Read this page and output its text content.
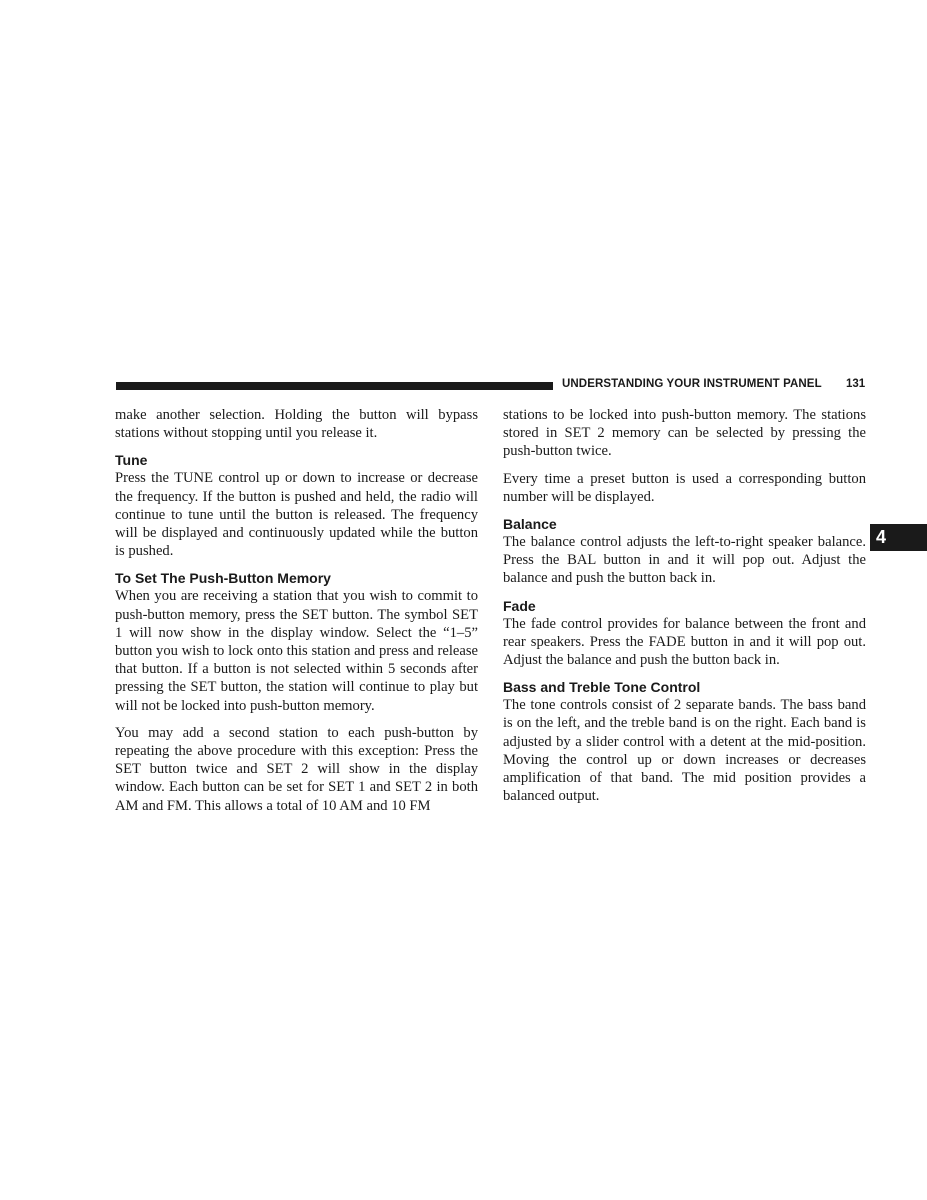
UNDERSTANDING YOUR INSTRUMENT PANEL 131
4

make another selection. Holding the button will bypass stations without stopping until you release it.

Tune

Press the TUNE control up or down to increase or decrease the frequency. If the button is pushed and held, the radio will continue to tune until the button is released. The frequency will be displayed and continuously updated while the button is pushed.

To Set The Push-Button Memory

When you are receiving a station that you wish to commit to push-button memory, press the SET button. The symbol SET 1 will now show in the display window. Select the “1–5” button you wish to lock onto this station and press and release that button. If a button is not selected within 5 seconds after pressing the SET button, the station will continue to play but will not be locked into push-button memory.

You may add a second station to each push-button by repeating the above procedure with this exception: Press the SET button twice and SET 2 will show in the display window. Each button can be set for SET 1 and SET 2 in both AM and FM. This allows a total of 10 AM and 10 FM

stations to be locked into push-button memory. The stations stored in SET 2 memory can be selected by pressing the push-button twice.

Every time a preset button is used a corresponding button number will be displayed.

Balance

The balance control adjusts the left-to-right speaker balance. Press the BAL button in and it will pop out. Adjust the balance and push the button back in.

Fade

The fade control provides for balance between the front and rear speakers. Press the FADE button in and it will pop out. Adjust the balance and push the button back in.

Bass and Treble Tone Control

The tone controls consist of 2 separate bands. The bass band is on the left, and the treble band is on the right. Each band is adjusted by a slider control with a detent at the mid-position. Moving the control up or down increases or decreases amplification of that band. The mid position provides a balanced output.
